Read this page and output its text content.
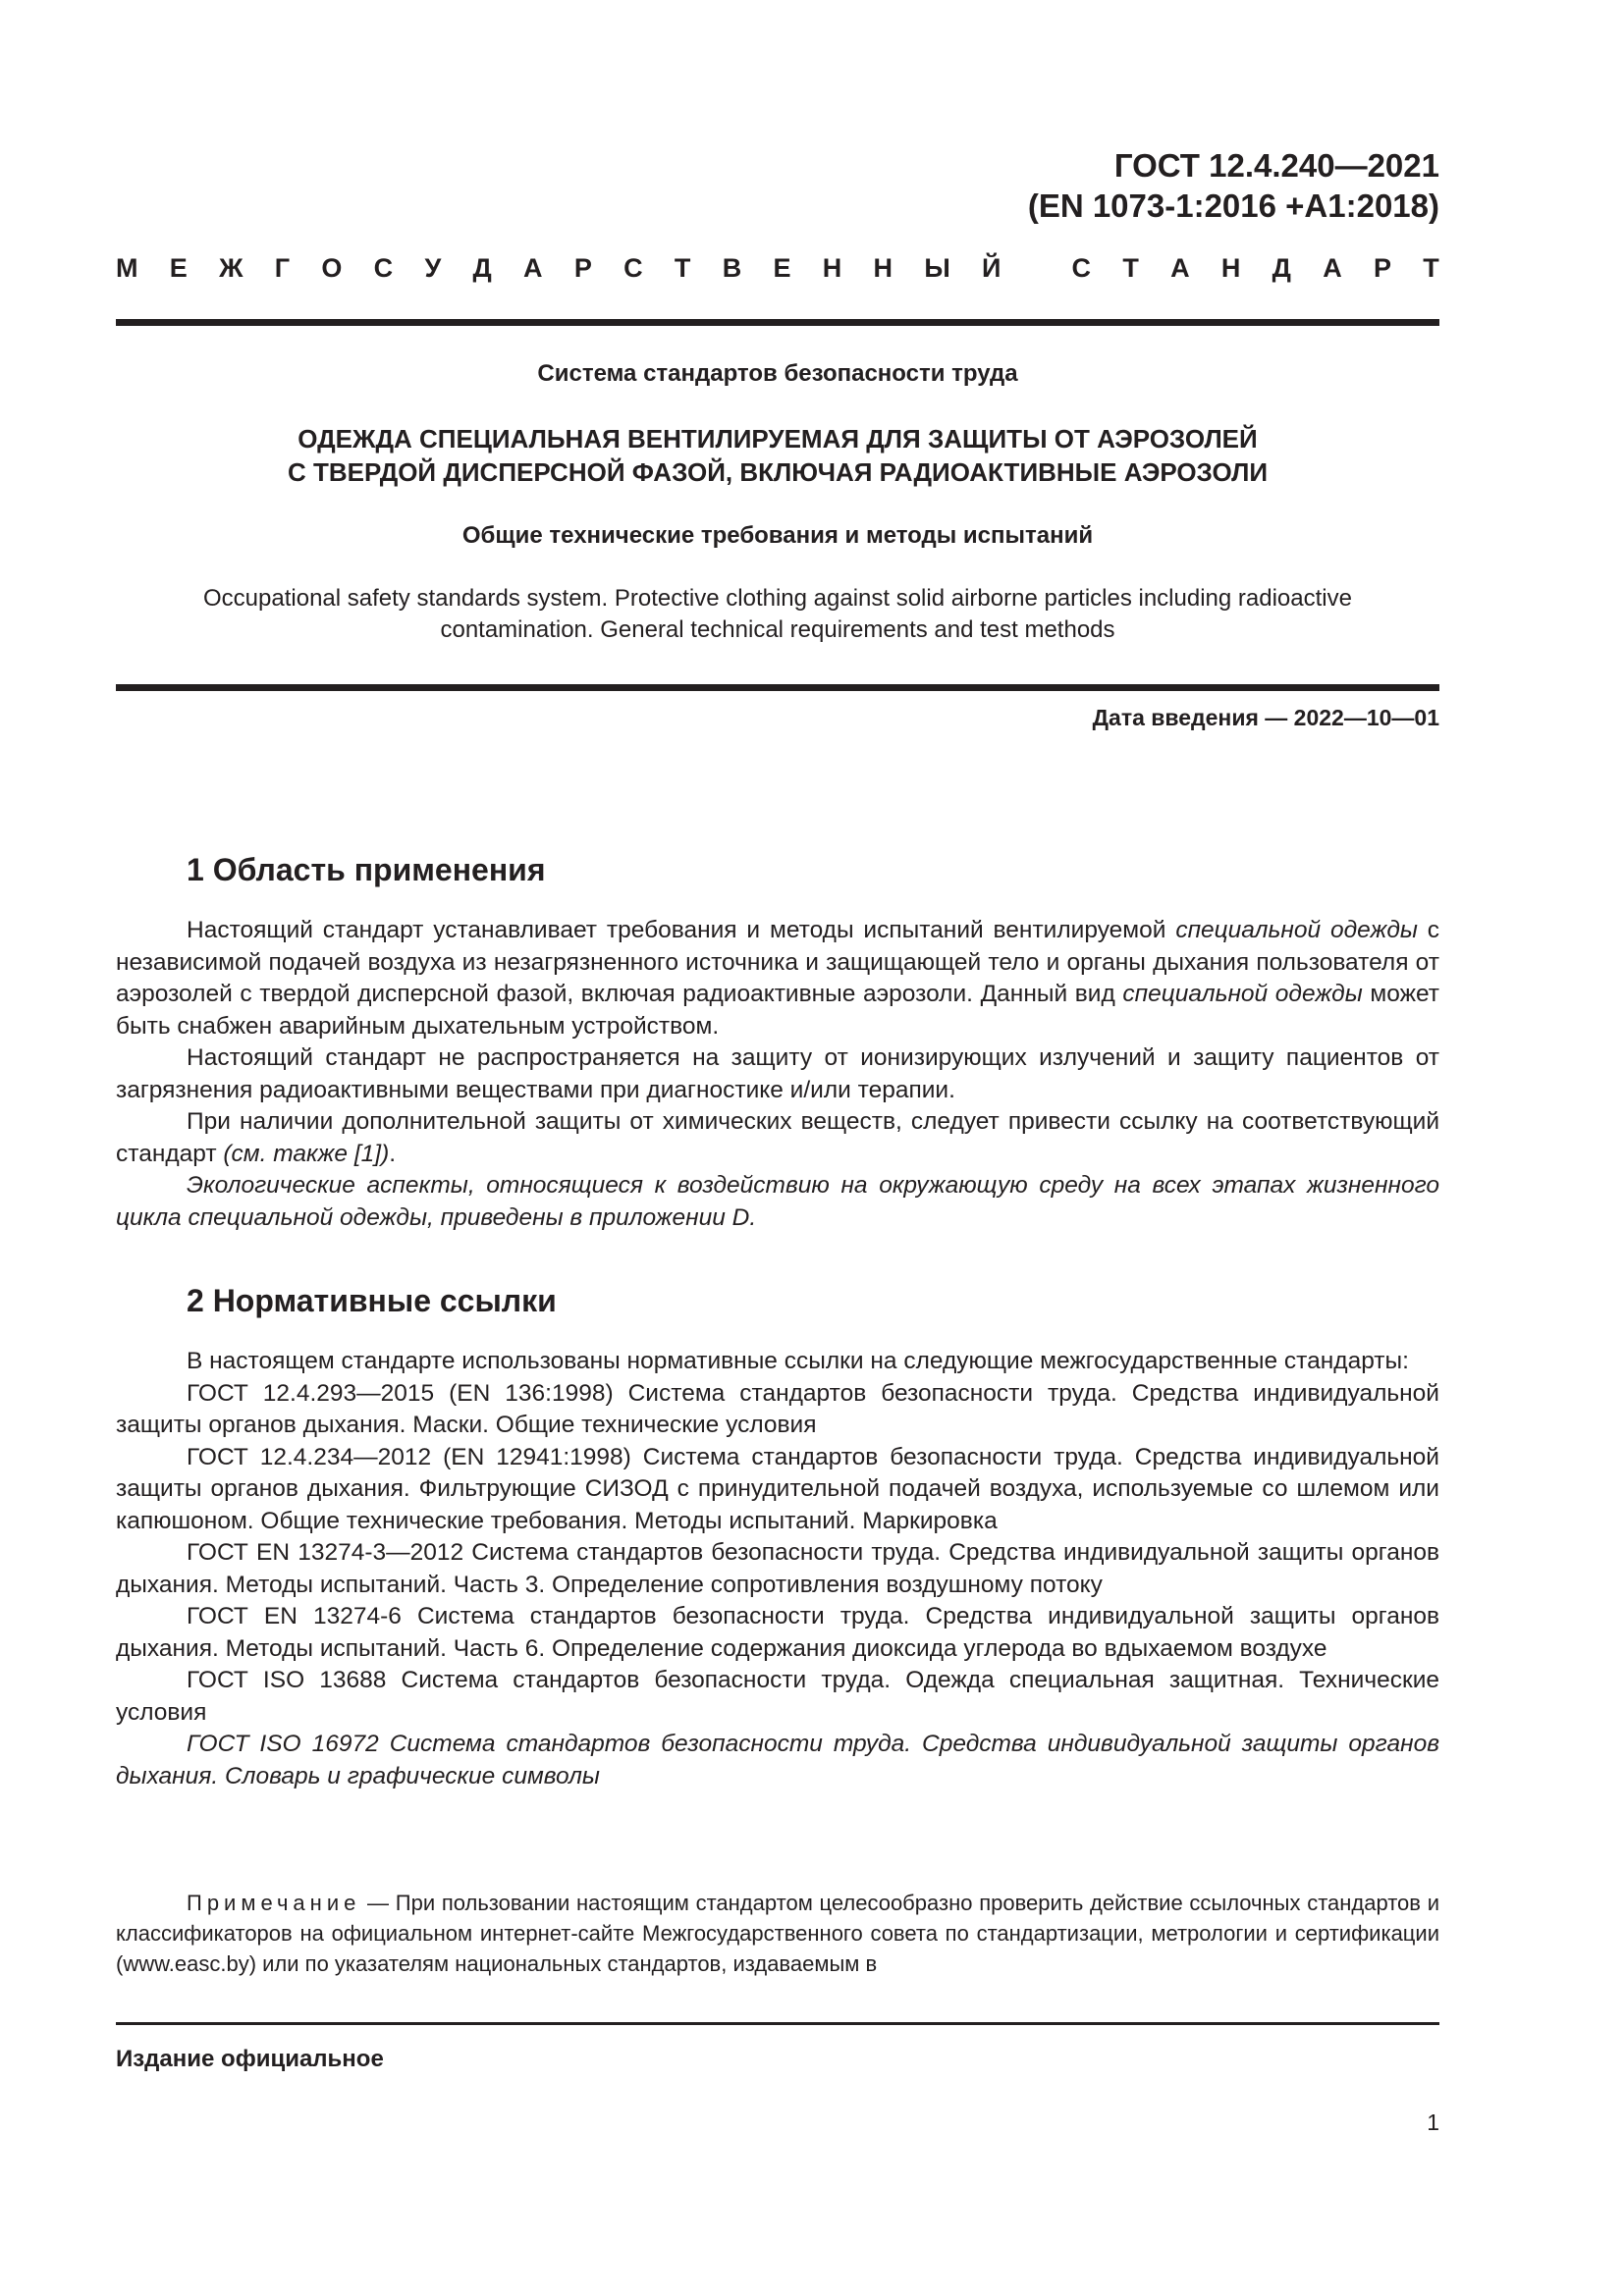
ГОСТ 12.4.240—2021
(EN 1073-1:2016 +A1:2018)
М Е Ж Г О С У Д А Р С Т В Е Н Н Ы Й
	С Т А Н Д А Р Т
Система стандартов безопасности труда
ОДЕЖДА СПЕЦИАЛЬНАЯ ВЕНТИЛИРУЕМАЯ ДЛЯ ЗАЩИТЫ ОТ АЭРОЗОЛЕЙ
С ТВЕРДОЙ ДИСПЕРСНОЙ ФАЗОЙ, ВКЛЮЧАЯ РАДИОАКТИВНЫЕ АЭРОЗОЛИ
Общие технические требования и методы испытаний
Occupational safety standards system. Protective clothing against solid airborne particles including radioactive
contamination. General technical requirements and test methods
Дата введения — 2022—10—01
1 Область применения

Настоящий стандарт устанавливает требования и методы испытаний вентилируемой специальной одежды с независимой подачей воздуха из незагрязненного источника и защищающей тело и органы дыхания пользователя от аэрозолей с твердой дисперсной фазой, включая радиоактивные аэрозоли. Данный вид специальной одежды может быть снабжен аварийным дыхательным устройством.

Настоящий стандарт не распространяется на защиту от ионизирующих излучений и защиту пациентов от загрязнения радиоактивными веществами при диагностике и/или терапии.

При наличии дополнительной защиты от химических веществ, следует привести ссылку на соответствующий стандарт (см. также [1]).

Экологические аспекты, относящиеся к воздействию на окружающую среду на всех этапах жизненного цикла специальной одежды, приведены в приложении D.

2 Нормативные ссылки

В настоящем стандарте использованы нормативные ссылки на следующие межгосударственные стандарты:

ГОСТ 12.4.293—2015 (EN 136:1998) Система стандартов безопасности труда. Средства индивидуальной защиты органов дыхания. Маски. Общие технические условия

ГОСТ 12.4.234—2012 (EN 12941:1998) Система стандартов безопасности труда. Средства индивидуальной защиты органов дыхания. Фильтрующие СИЗОД с принудительной подачей воздуха, используемые со шлемом или капюшоном. Общие технические требования. Методы испытаний. Маркировка

ГОСТ EN 13274-3—2012 Система стандартов безопасности труда. Средства индивидуальной защиты органов дыхания. Методы испытаний. Часть 3. Определение сопротивления воздушному потоку

ГОСТ EN 13274-6 Система стандартов безопасности труда. Средства индивидуальной защиты органов дыхания. Методы испытаний. Часть 6. Определение содержания диоксида углерода во вдыхаемом воздухе

ГОСТ ISO 13688 Система стандартов безопасности труда. Одежда специальная защитная. Технические условия

ГОСТ ISO 16972 Система стандартов безопасности труда. Средства индивидуальной защиты органов дыхания. Словарь и графические символы

Примечание — При пользовании настоящим стандартом целесообразно проверить действие ссылочных стандартов и классификаторов на официальном интернет-сайте Межгосударственного совета по стандартизации, метрологии и сертификации (www.easc.by) или по указателям национальных стандартов, издаваемым в

Издание официальное
1
